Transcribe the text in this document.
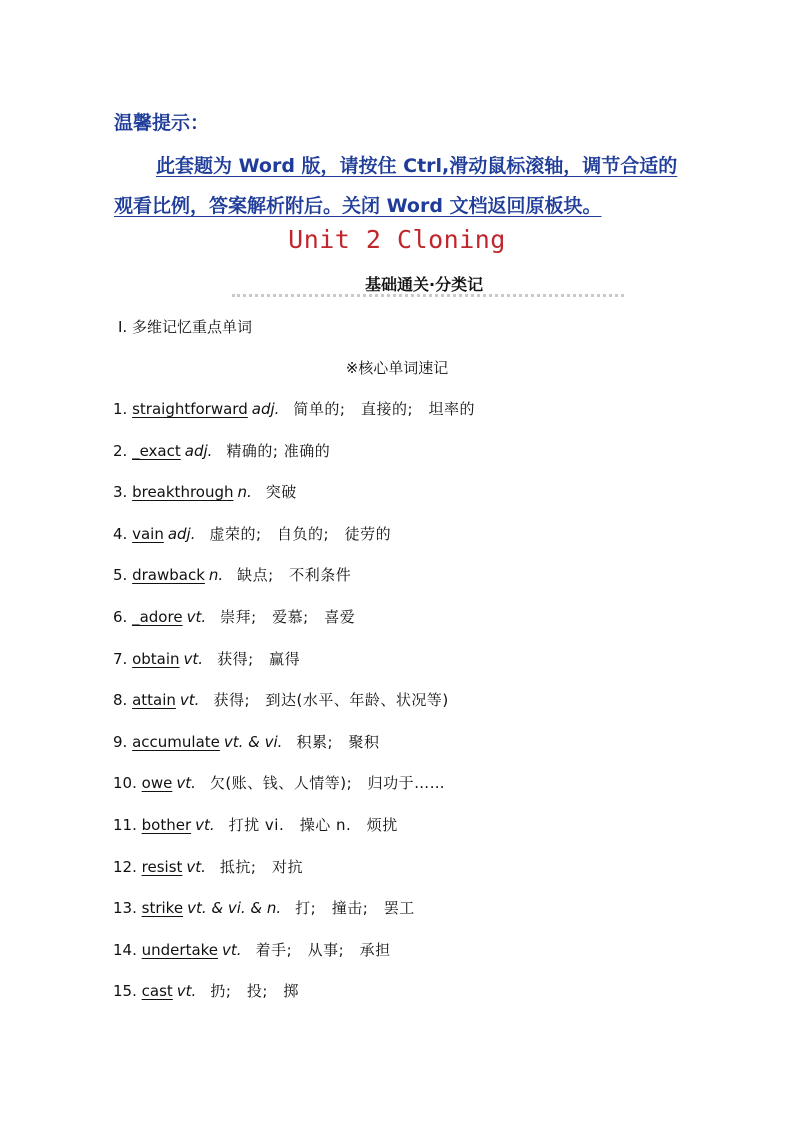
温馨提示：

此套题为 Word 版，请按住 Ctrl,滑动鼠标滚轴，调节合适的观看比例，答案解析附后。关闭 Word 文档返回原板块。

Unit 2 Cloning
基础通关·分类记

Ⅰ. 多维记忆重点单词

※核心单词速记

1. straightforward adj. 简单的;　直接的;　坦率的
2. _exact adj. 精确的; 准确的
3. breakthrough n. 突破
4. vain adj. 虚荣的;　自负的;　徒劳的
5. drawback n. 缺点;　不利条件
6. _adore vt. 崇拜;　爱慕;　喜爱
7. obtain vt. 获得;　赢得
8. attain vt. 获得;　到达(水平、年龄、状况等)
9. accumulate vt. & vi. 积累;　聚积
10. owe vt. 欠(账、钱、人情等);　归功于……
11. bother vt. 打扰 vi.　操心 n.　烦扰
12. resist vt. 抵抗;　对抗
13. strike vt. & vi. & n. 打;　撞击;　罢工
14. undertake vt. 着手;　从事;　承担
15. cast vt. 扔;　投;　掷
